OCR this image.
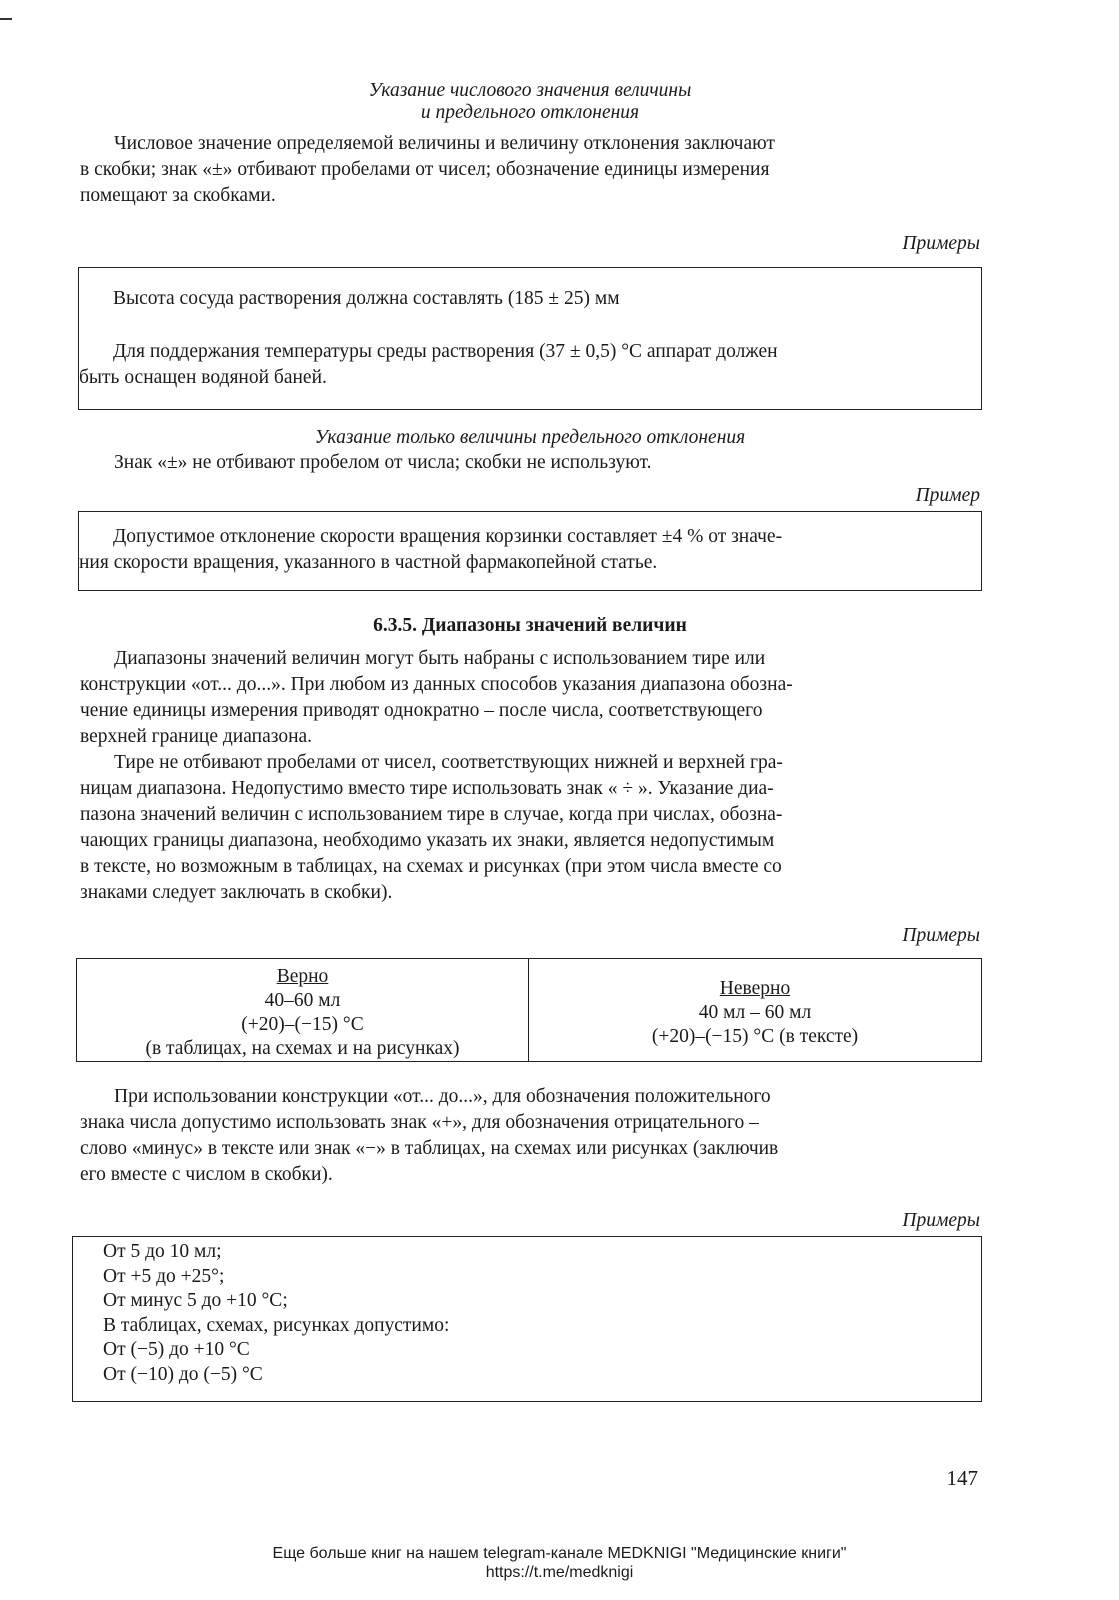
Указание числового значения величины
и предельного отклонения
Числовое значение определяемой величины и величину отклонения заключают
в скобки; знак «±» отбивают пробелами от чисел; обозначение единицы измерения
помещают за скобками.
Примеры
Высота сосуда растворения должна составлять (185 ± 25) мм
Для поддержания температуры среды растворения (37 ± 0,5) °С аппарат должен
быть оснащен водяной баней.
Указание только величины предельного отклонения
Знак «±» не отбивают пробелом от числа; скобки не используют.
Пример
Допустимое отклонение скорости вращения корзинки составляет ±4 % от значе-
ния скорости вращения, указанного в частной фармакопейной статье.
6.3.5. Диапазоны значений величин
Диапазоны значений величин могут быть набраны с использованием тире или
конструкции «от... до...». При любом из данных способов указания диапазона обозна-
чение единицы измерения приводят однократно – после числа, соответствующего
верхней границе диапазона.
Тире не отбивают пробелами от чисел, соответствующих нижней и верхней гра-
ницам диапазона. Недопустимо вместо тире использовать знак « ÷ ». Указание диа-
пазона значений величин с использованием тире в случае, когда при числах, обозна-
чающих границы диапазона, необходимо указать их знаки, является недопустимым
в тексте, но возможным в таблицах, на схемах и рисунках (при этом числа вместе со
знаками следует заключать в скобки).
Примеры
Верно
40–60 мл
(+20)–(−15) °С
(в таблицах, на схемах и на рисунках)

Неверно
40 мл – 60 мл
(+20)–(−15) °С (в тексте)
При использовании конструкции «от... до...», для обозначения положительного
знака числа допустимо использовать знак «+», для обозначения отрицательного –
слово «минус» в тексте или знак «−» в таблицах, на схемах или рисунках (заключив
его вместе с числом в скобки).
Примеры
От 5 до 10 мл;
От +5 до +25°;
От минус 5 до +10 °С;
В таблицах, схемах, рисунках допустимо:
От (−5) до +10 °С
От (−10) до (−5) °С
147
Еще больше книг на нашем telegram-канале MEDKNIGI "Медицинские книги"
https://t.me/medknigi
